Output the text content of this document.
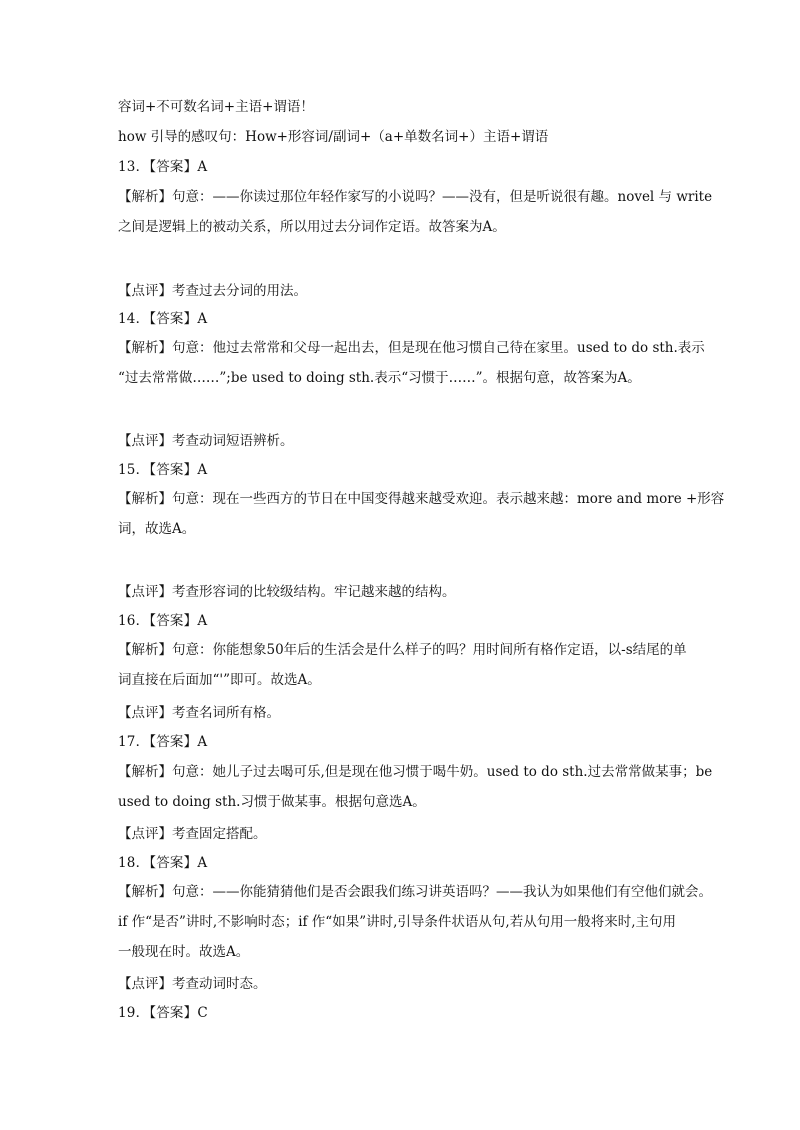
容词+不可数名词+主语+谓语！
how 引导的感叹句：How+形容词/副词+（a+单数名词+）主语+谓语
13．【答案】A
【解析】句意：——你读过那位年轻作家写的小说吗？——没有，但是听说很有趣。novel 与 write
之间是逻辑上的被动关系，所以用过去分词作定语。故答案为A。
【点评】考查过去分词的用法。
14．【答案】A
【解析】句意：他过去常常和父母一起出去，但是现在他习惯自己待在家里。used to do sth.表示
“过去常常做……”;be used to doing sth.表示“习惯于……”。根据句意，故答案为A。
【点评】考查动词短语辨析。
15．【答案】A
【解析】句意：现在一些西方的节日在中国变得越来越受欢迎。表示越来越：more and more +形容
词，故选A。
【点评】考查形容词的比较级结构。牢记越来越的结构。
16．【答案】A
【解析】句意：你能想象50年后的生活会是什么样子的吗？用时间所有格作定语，以-s结尾的单
词直接在后面加“'”即可。故选A。
【点评】考查名词所有格。
17．【答案】A
【解析】句意：她儿子过去喝可乐,但是现在他习惯于喝牛奶。used to do sth.过去常常做某事；be
used to doing sth.习惯于做某事。根据句意选A。
【点评】考查固定搭配。
18．【答案】A
【解析】句意：——你能猜猜他们是否会跟我们练习讲英语吗？——我认为如果他们有空他们就会。
if 作“是否”讲时,不影响时态；if 作“如果”讲时,引导条件状语从句,若从句用一般将来时,主句用
一般现在时。故选A。
【点评】考查动词时态。
19．【答案】C
